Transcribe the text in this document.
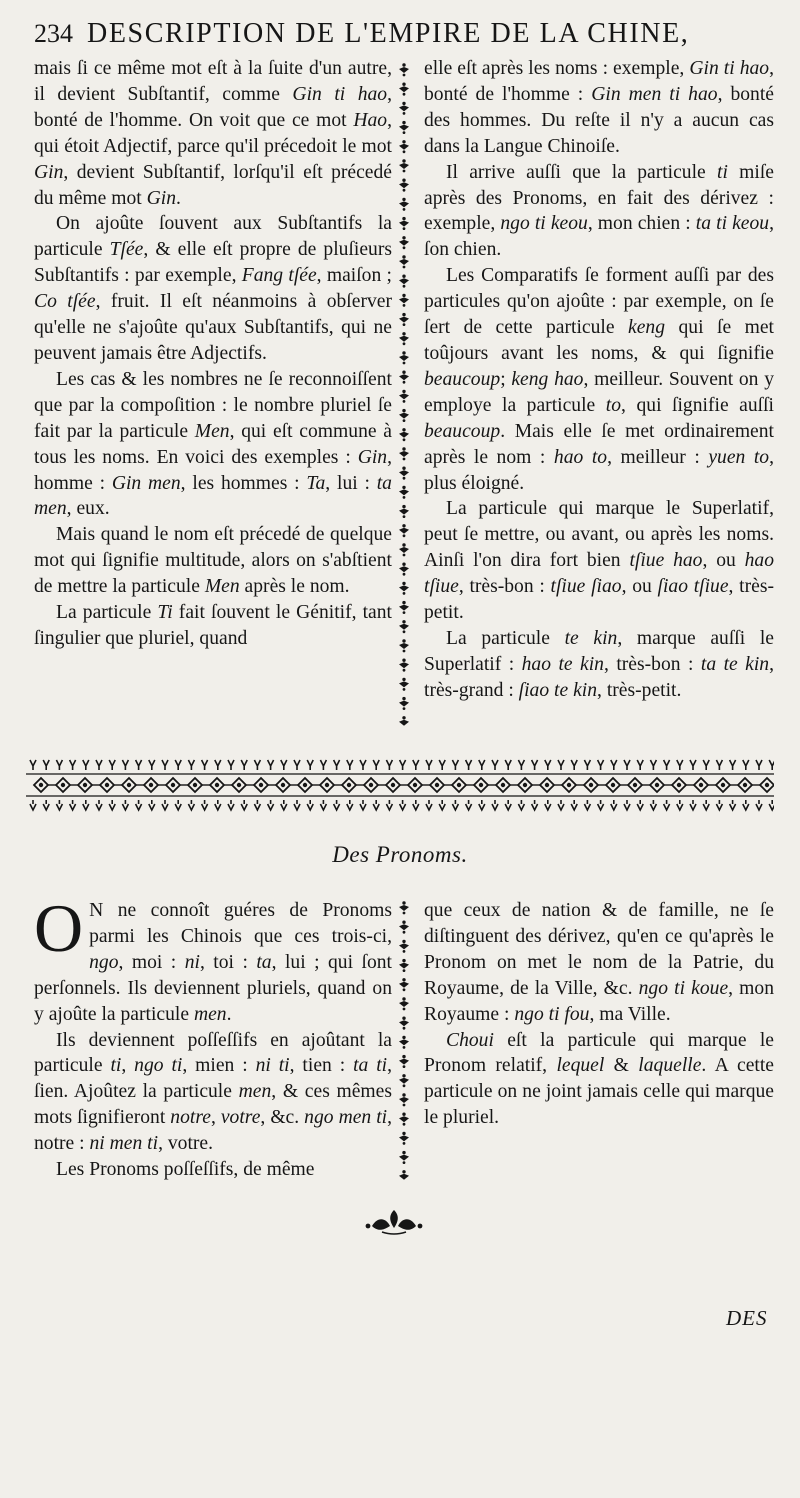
234 DESCRIPTION DE L'EMPIRE DE LA CHINE,

mais ſi ce même mot eſt à la ſuite d'un autre, il devient Subſtantif, comme Gin ti hao, bonté de l'homme. On voit que ce mot Hao, qui étoit Adjectif, parce qu'il précedoit le mot Gin, devient Subſtantif, lorſqu'il eſt précedé du même mot Gin.

On ajoûte ſouvent aux Subſtantifs la particule Tſée, & elle eſt propre de pluſieurs Subſtantifs : par exemple, Fang tſée, maiſon ; Co tſée, fruit. Il eſt néanmoins à obſerver qu'elle ne s'ajoûte qu'aux Subſtantifs, qui ne peuvent jamais être Adjectifs.

Les cas & les nombres ne ſe reconnoiſſent que par la compoſition : le nombre pluriel ſe fait par la particule Men, qui eſt commune à tous les noms. En voici des exemples : Gin, homme : Gin men, les hommes : Ta, lui : ta men, eux.

Mais quand le nom eſt précedé de quelque mot qui ſignifie multitude, alors on s'abſtient de mettre la particule Men après le nom.

La particule Ti fait ſouvent le Génitif, tant ſingulier que pluriel, quand

elle eſt après les noms : exemple, Gin ti hao, bonté de l'homme : Gin men ti hao, bonté des hommes. Du reſte il n'y a aucun cas dans la Langue Chinoiſe.

Il arrive auſſi que la particule ti miſe après des Pronoms, en fait des dérivez : exemple, ngo ti keou, mon chien : ta ti keou, ſon chien.

Les Comparatifs ſe forment auſſi par des particules qu'on ajoûte : par exemple, on ſe ſert de cette particule keng qui ſe met toûjours avant les noms, & qui ſignifie beaucoup; keng hao, meilleur. Souvent on y employe la particule to, qui ſignifie auſſi beaucoup. Mais elle ſe met ordinairement après le nom : hao to, meilleur : yuen to, plus éloigné.

La particule qui marque le Superlatif, peut ſe mettre, ou avant, ou après les noms. Ainſi l'on dira fort bien tſiue hao, ou hao tſiue, très-bon : tſiue ſiao, ou ſiao tſiue, très-petit.

La particule te kin, marque auſſi le Superlatif : hao te kin, très-bon : ta te kin, très-grand : ſiao te kin, très-petit.

Des Pronoms.

O N ne connoît guéres de Pronoms parmi les Chinois que ces trois-ci, ngo, moi : ni, toi : ta, lui ; qui ſont perſonnels. Ils deviennent pluriels, quand on y ajoûte la particule men.

Ils deviennent poſſeſſifs en ajoûtant la particule ti, ngo ti, mien : ni ti, tien : ta ti, ſien. Ajoûtez la particule men, & ces mêmes mots ſignifieront notre, votre, &c. ngo men ti, notre : ni men ti, votre.

Les Pronoms poſſeſſifs, de même

que ceux de nation & de famille, ne ſe diſtinguent des dérivez, qu'en ce qu'après le Pronom on met le nom de la Patrie, du Royaume, de la Ville, &c. ngo ti koue, mon Royaume : ngo ti fou, ma Ville.

Choui eſt la particule qui marque le Pronom relatif, lequel & laquelle. A cette particule on ne joint jamais celle qui marque le pluriel.

DES
